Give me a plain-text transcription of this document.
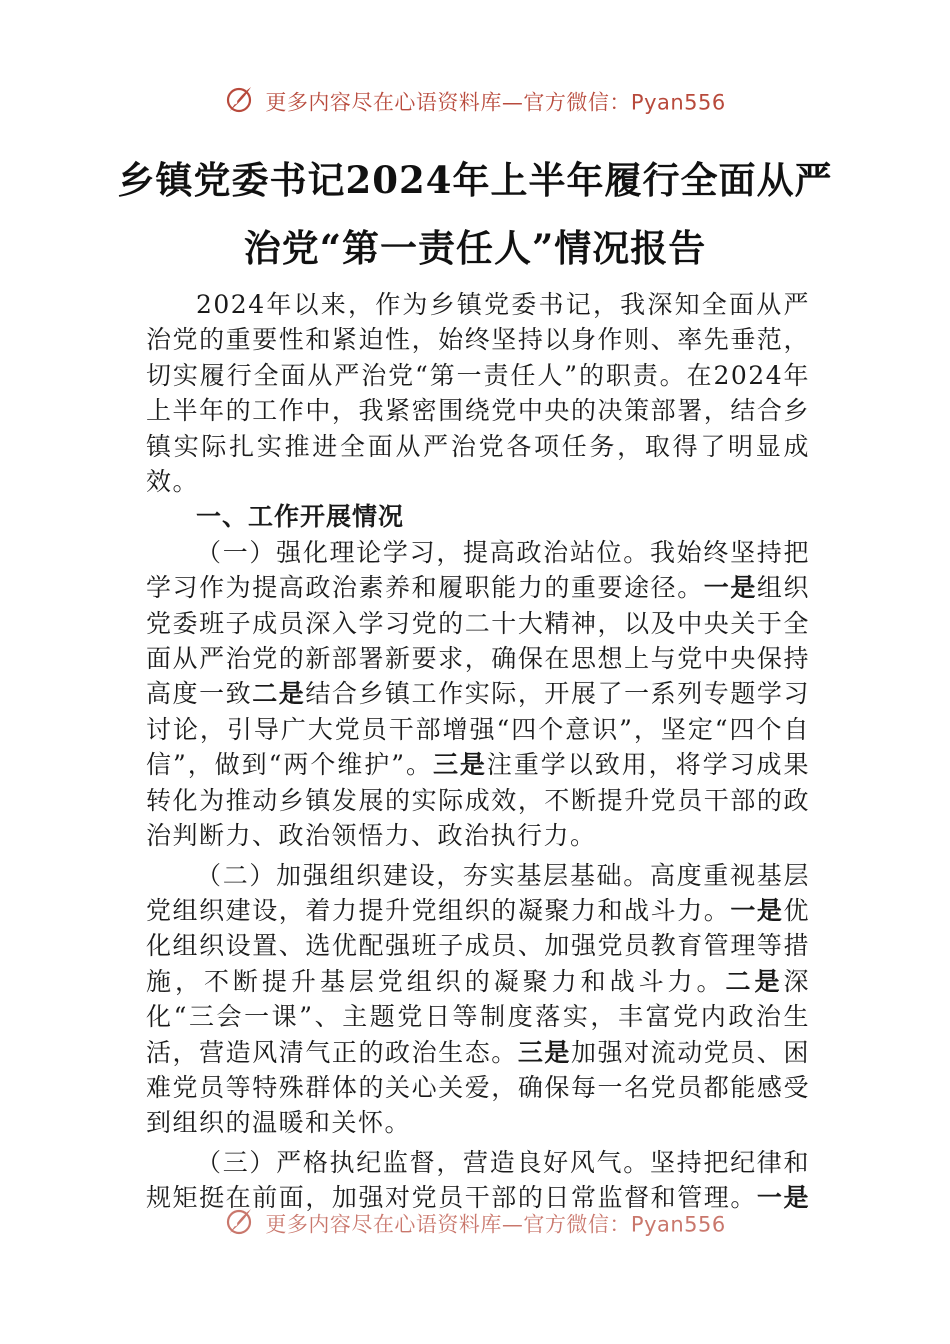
更多内容尽在心语资料库—官方微信：Pyan556
乡镇党委书记2024年上半年履行全面从严
治党“第一责任人”情况报告

2024年以来，作为乡镇党委书记，我深知全面从严治党的重要性和紧迫性，始终坚持以身作则、率先垂范，切实履行全面从严治党“第一责任人”的职责。在2024年上半年的工作中，我紧密围绕党中央的决策部署，结合乡镇实际扎实推进全面从严治党各项任务，取得了明显成效。

一、工作开展情况

（一）强化理论学习，提高政治站位。我始终坚持把学习作为提高政治素养和履职能力的重要途径。一是组织党委班子成员深入学习党的二十大精神，以及中央关于全面从严治党的新部署新要求，确保在思想上与党中央保持高度一致二是结合乡镇工作实际，开展了一系列专题学习讨论，引导广大党员干部增强“四个意识”，坚定“四个自信”，做到“两个维护”。三是注重学以致用，将学习成果转化为推动乡镇发展的实际成效，不断提升党员干部的政治判断力、政治领悟力、政治执行力。

（二）加强组织建设，夯实基层基础。高度重视基层党组织建设，着力提升党组织的凝聚力和战斗力。一是优化组织设置、选优配强班子成员、加强党员教育管理等措施，不断提升基层党组织的凝聚力和战斗力。二是深化“三会一课”、主题党日等制度落实，丰富党内政治生活，营造风清气正的政治生态。三是加强对流动党员、困难党员等特殊群体的关心关爱，确保每一名党员都能感受到组织的温暖和关怀。

（三）严格执纪监督，营造良好风气。坚持把纪律和规矩挺在前面，加强对党员干部的日常监督和管理。一是

更多内容尽在心语资料库—官方微信：Pyan556
